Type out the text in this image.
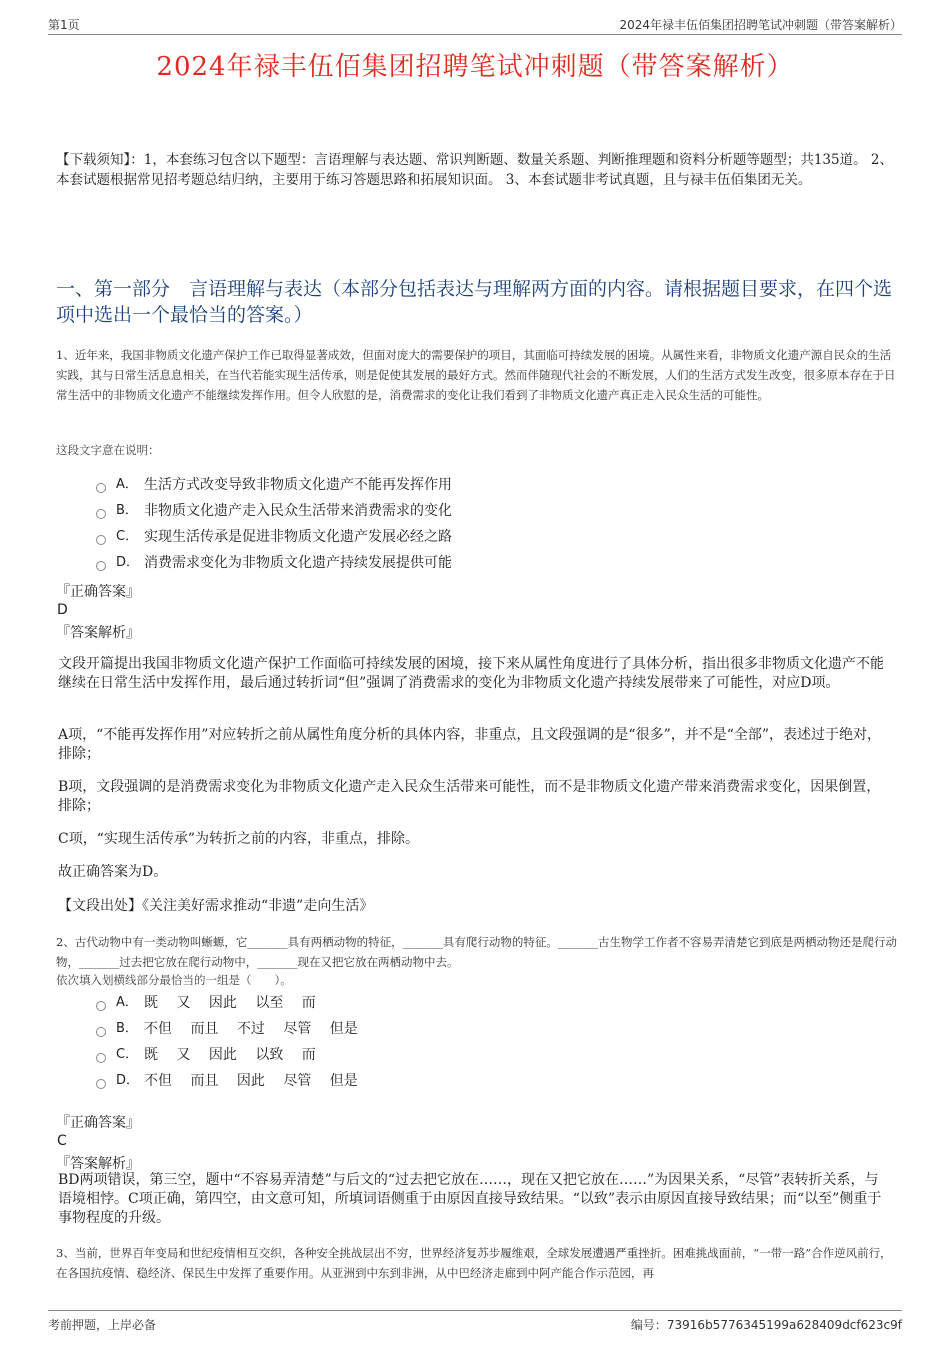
第1页	2024年禄丰伍佰集团招聘笔试冲刺题（带答案解析）
2024年禄丰伍佰集团招聘笔试冲刺题（带答案解析）
【下载须知】：1，本套练习包含以下题型：言语理解与表达题、常识判断题、数量关系题、判断推理题和资料分析题等题型；共135道。 2、本套试题根据常见招考题总结归纳，主要用于练习答题思路和拓展知识面。 3、本套试题非考试真题，且与禄丰伍佰集团无关。
一、第一部分　言语理解与表达（本部分包括表达与理解两方面的内容。请根据题目要求，在四个选项中选出一个最恰当的答案。）
1、近年来，我国非物质文化遗产保护工作已取得显著成效，但面对庞大的需要保护的项目，其面临可持续发展的困境。从属性来看，非物质文化遗产源自民众的生活实践，其与日常生活息息相关，在当代若能实现生活传承，则是促使其发展的最好方式。然而伴随现代社会的不断发展，人们的生活方式发生改变，很多原本存在于日常生活中的非物质文化遗产不能继续发挥作用。但令人欣慰的是，消费需求的变化让我们看到了非物质文化遗产真正走入民众生活的可能性。
这段文字意在说明：
A． 生活方式改变导致非物质文化遗产不能再发挥作用
B． 非物质文化遗产走入民众生活带来消费需求的变化
C． 实现生活传承是促进非物质文化遗产发展必经之路
D． 消费需求变化为非物质文化遗产持续发展提供可能
『正确答案』
D
『答案解析』
文段开篇提出我国非物质文化遗产保护工作面临可持续发展的困境，接下来从属性角度进行了具体分析，指出很多非物质文化遗产不能继续在日常生活中发挥作用，最后通过转折词“但”强调了消费需求的变化为非物质文化遗产持续发展带来了可能性，对应D项。
A项，“不能再发挥作用”对应转折之前从属性角度分析的具体内容，非重点，且文段强调的是“很多”，并不是“全部”，表述过于绝对，排除；
B项，文段强调的是消费需求变化为非物质文化遗产走入民众生活带来可能性，而不是非物质文化遗产带来消费需求变化，因果倒置，排除；
C项，“实现生活传承”为转折之前的内容，非重点，排除。
故正确答案为D。
【文段出处】《关注美好需求推动“非遗”走向生活》
2、古代动物中有一类动物叫蜥螈，它_______具有两栖动物的特征，_______具有爬行动物的特征。_______古生物学工作者不容易弄清楚它到底是两栖动物还是爬行动物，_______过去把它放在爬行动物中，_______现在又把它放在两栖动物中去。
依次填入划横线部分最恰当的一组是（　　）。
A． 既　 又　 因此　 以至　 而
B． 不但　 而且　 不过　 尽管　 但是
C． 既　 又　 因此　 以致　 而
D． 不但　 而且　 因此　 尽管　 但是
『正确答案』
C
『答案解析』
BD两项错误，第三空，题中“不容易弄清楚”与后文的“过去把它放在……，现在又把它放在……”为因果关系，“尽管”表转折关系，与语境相悖。C项正确，第四空，由文意可知，所填词语侧重于由原因直接导致结果。“以致”表示由原因直接导致结果；而“以至”侧重于事物程度的升级。
3、当前，世界百年变局和世纪疫情相互交织，各种安全挑战层出不穷，世界经济复苏步履维艰，全球发展遭遇严重挫折。困难挑战面前，“一带一路”合作逆风前行，在各国抗疫情、稳经济、保民生中发挥了重要作用。从亚洲到中东到非洲，从中巴经济走廊到中阿产能合作示范园，再
考前押题，上岸必备	编号：73916b5776345199a628409dcf623c9f
